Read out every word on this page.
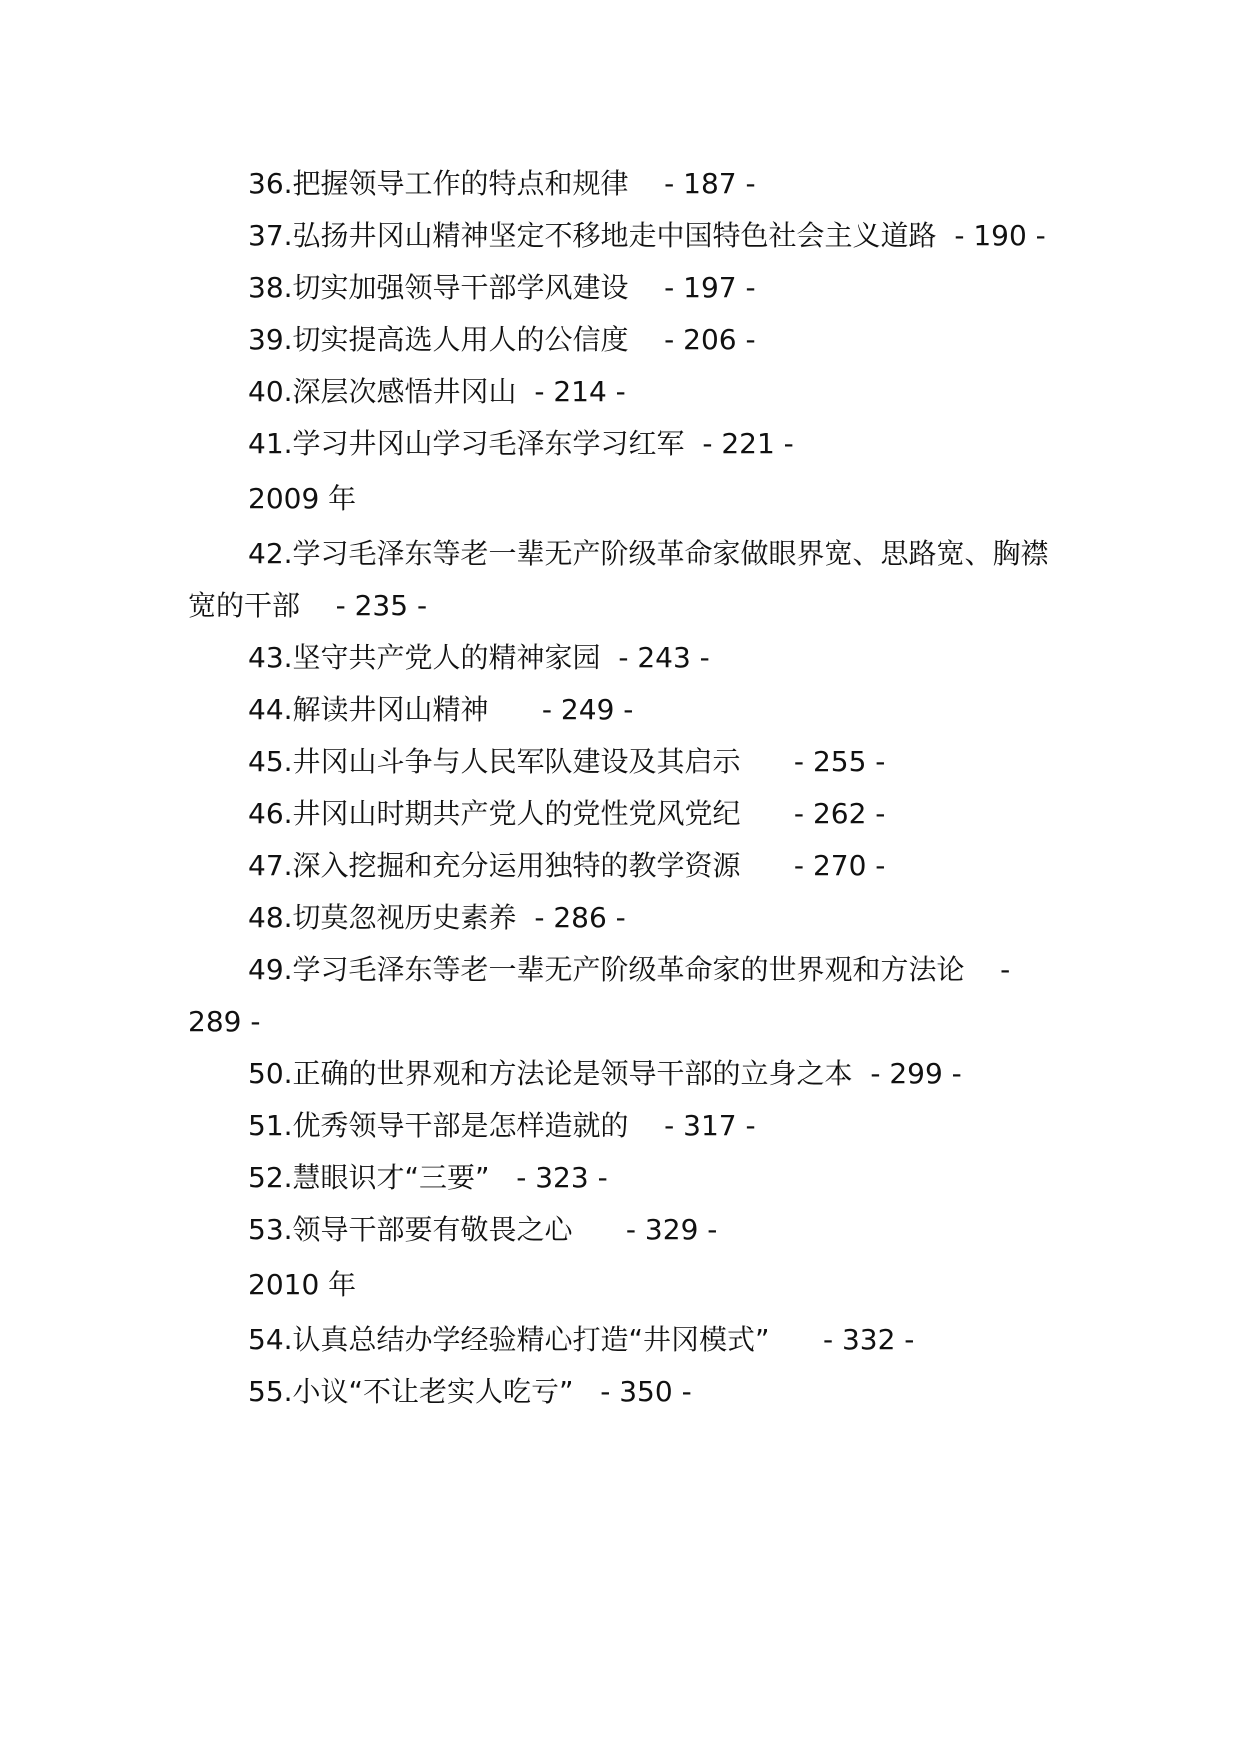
36.把握领导工作的特点和规律    - 187 -

37.弘扬井冈山精神坚定不移地走中国特色社会主义道路  - 190 -

38.切实加强领导干部学风建设    - 197 -

39.切实提高选人用人的公信度    - 206 -

40.深层次感悟井冈山  - 214 -

41.学习井冈山学习毛泽东学习红军  - 221 -

2009 年

42.学习毛泽东等老一辈无产阶级革命家做眼界宽、思路宽、胸襟宽的干部    - 235 -

43.坚守共产党人的精神家园  - 243 -

44.解读井冈山精神      - 249 -

45.井冈山斗争与人民军队建设及其启示      - 255 -

46.井冈山时期共产党人的党性党风党纪      - 262 -

47.深入挖掘和充分运用独特的教学资源      - 270 -

48.切莫忽视历史素养  - 286 -

49.学习毛泽东等老一辈无产阶级革命家的世界观和方法论    - 289 -

50.正确的世界观和方法论是领导干部的立身之本  - 299 -

51.优秀领导干部是怎样造就的    - 317 -

52.慧眼识才“三要”   - 323 -

53.领导干部要有敬畏之心      - 329 -

2010 年

54.认真总结办学经验精心打造“井冈模式”      - 332 -

55.小议“不让老实人吃亏”   - 350 -
